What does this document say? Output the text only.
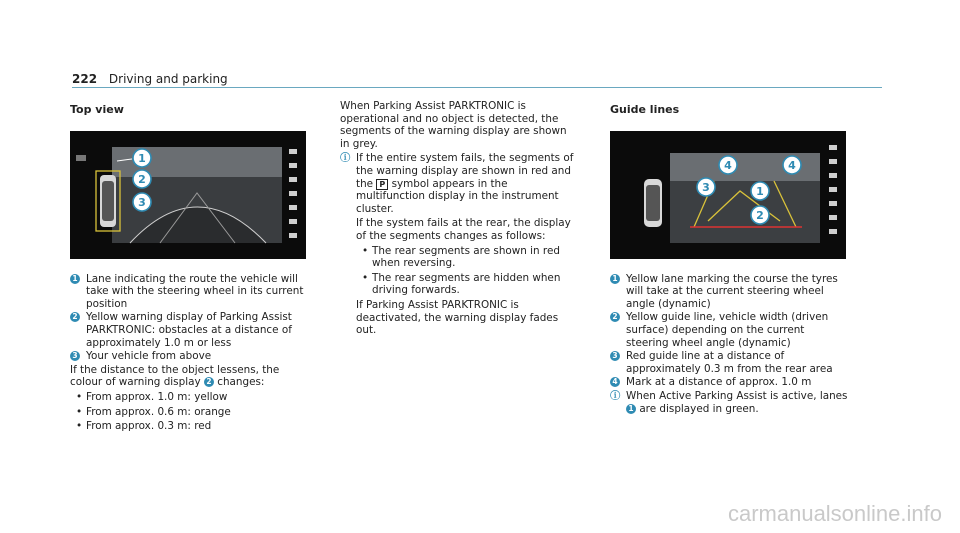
222 Driving and parking
Top view
1
2
3
1 Lane indicating the route the vehicle will take with the steering wheel in its current position
2 Yellow warning display of Parking Assist PARKTRONIC: obstacles at a distance of approximately 1.0 m or less
3 Your vehicle from above
If the distance to the object lessens, the colour of warning display 2 changes:
• From approx. 1.0 m: yellow
• From approx. 0.6 m: orange
• From approx. 0.3 m: red
When Parking Assist PARKTRONIC is operational and no object is detected, the segments of the warning display are shown in grey.
ⓘ If the entire system fails, the segments of the warning display are shown in red and the P symbol appears in the multifunction display in the instrument cluster.
If the system fails at the rear, the display of the segments changes as follows:
• The rear segments are shown in red when reversing.
• The rear segments are hidden when driving forwards.
If Parking Assist PARKTRONIC is deactivated, the warning display fades out.
Guide lines
4	4
3	1
2
1 Yellow lane marking the course the tyres will take at the current steering wheel angle (dynamic)
2 Yellow guide line, vehicle width (driven surface) depending on the current steering wheel angle (dynamic)
3 Red guide line at a distance of approximately 0.3 m from the rear area
4 Mark at a distance of approx. 1.0 m
ⓘ When Active Parking Assist is active, lanes 1 are displayed in green.
carmanualsonline.info
